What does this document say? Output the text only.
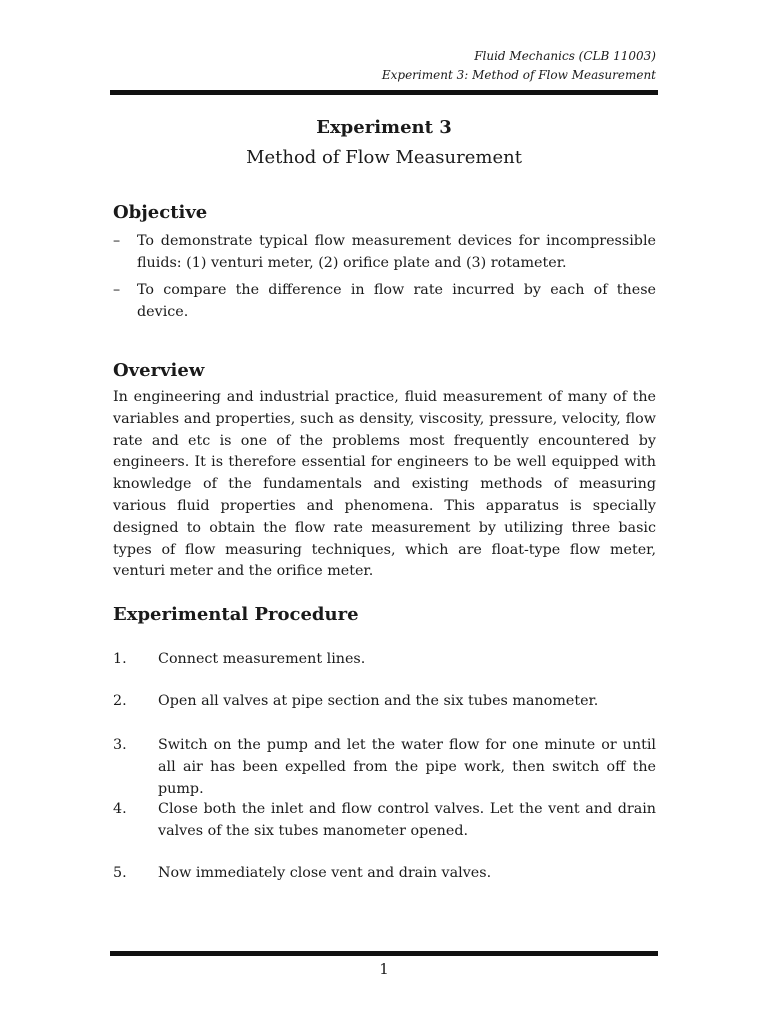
Fluid Mechanics (CLB 11003)
Experiment 3: Method of Flow Measurement
Experiment 3
Method of Flow Measurement
Objective
– To demonstrate typical flow measurement devices for incompressible fluids: (1) venturi meter, (2) orifice plate and (3) rotameter.
– To compare the difference in flow rate incurred by each of these device.
Overview

In engineering and industrial practice, fluid measurement of many of the variables and properties, such as density, viscosity, pressure, velocity, flow rate and etc is one of the problems most frequently encountered by engineers. It is therefore essential for engineers to be well equipped with knowledge of the fundamentals and existing methods of measuring various fluid properties and phenomena. This apparatus is specially designed to obtain the flow rate measurement by utilizing three basic types of flow measuring techniques, which are float-type flow meter, venturi meter and the orifice meter.

Experimental Procedure
1. Connect measurement lines.
2. Open all valves at pipe section and the six tubes manometer.
3. Switch on the pump and let the water flow for one minute or until all air has been expelled from the pipe work, then switch off the pump.
4. Close both the inlet and flow control valves. Let the vent and drain valves of the six tubes manometer opened.
5. Now immediately close vent and drain valves.
1
